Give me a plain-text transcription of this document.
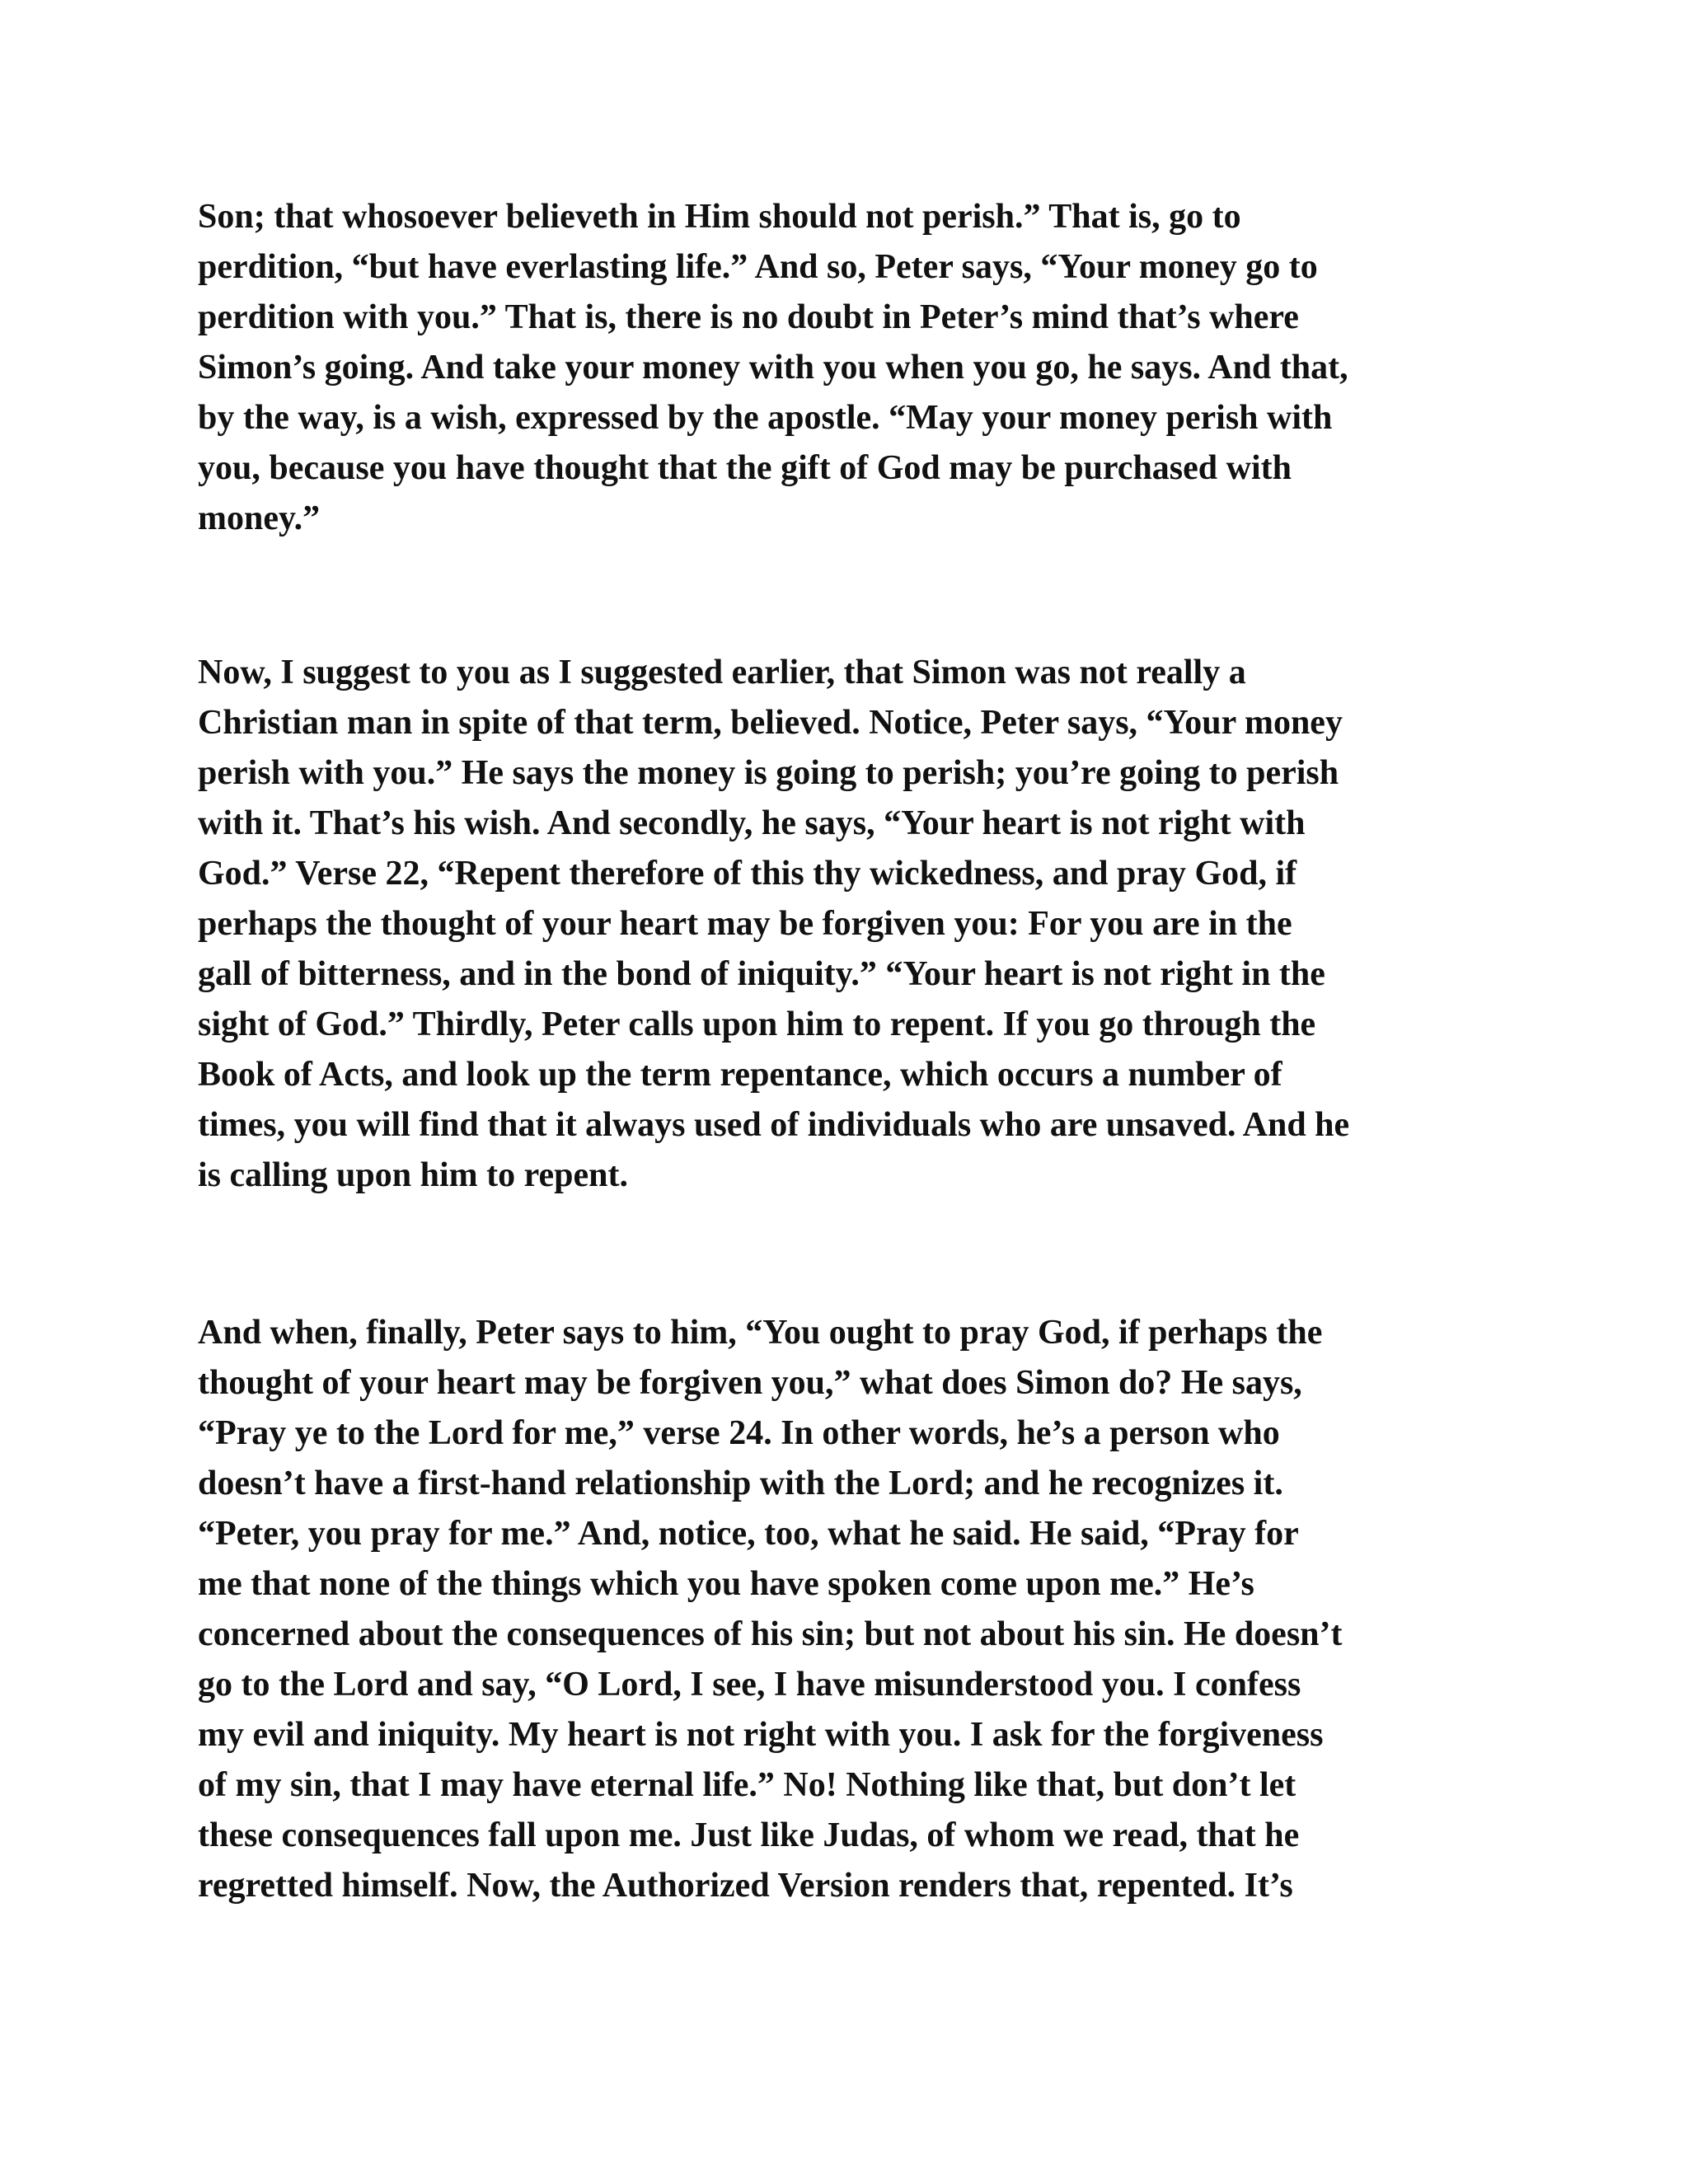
Son; that whosoever believeth in Him should not perish.” That is, go to
perdition, “but have everlasting life.” And so, Peter says, “Your money go to
perdition with you.” That is, there is no doubt in Peter’s mind that’s where
Simon’s going. And take your money with you when you go, he says. And that,
by the way, is a wish, expressed by the apostle. “May your money perish with
you, because you have thought that the gift of God may be purchased with
money.”

Now, I suggest to you as I suggested earlier, that Simon was not really a
Christian man in spite of that term, believed. Notice, Peter says, “Your money
perish with you.” He says the money is going to perish; you’re going to perish
with it. That’s his wish. And secondly, he says, “Your heart is not right with
God.” Verse 22, “Repent therefore of this thy wickedness, and pray God, if
perhaps the thought of your heart may be forgiven you: For you are in the
gall of bitterness, and in the bond of iniquity.” “Your heart is not right in the
sight of God.” Thirdly, Peter calls upon him to repent. If you go through the
Book of Acts, and look up the term repentance, which occurs a number of
times, you will find that it always used of individuals who are unsaved. And he
is calling upon him to repent.

And when, finally, Peter says to him, “You ought to pray God, if perhaps the
thought of your heart may be forgiven you,” what does Simon do? He says,
“Pray ye to the Lord for me,” verse 24. In other words, he’s a person who
doesn’t have a first-hand relationship with the Lord; and he recognizes it.
“Peter, you pray for me.” And, notice, too, what he said. He said, “Pray for
me that none of the things which you have spoken come upon me.” He’s
concerned about the consequences of his sin; but not about his sin. He doesn’t
go to the Lord and say, “O Lord, I see, I have misunderstood you. I confess
my evil and iniquity. My heart is not right with you. I ask for the forgiveness
of my sin, that I may have eternal life.” No! Nothing like that, but don’t let
these consequences fall upon me. Just like Judas, of whom we read, that he
regretted himself. Now, the Authorized Version renders that, repented. It’s
